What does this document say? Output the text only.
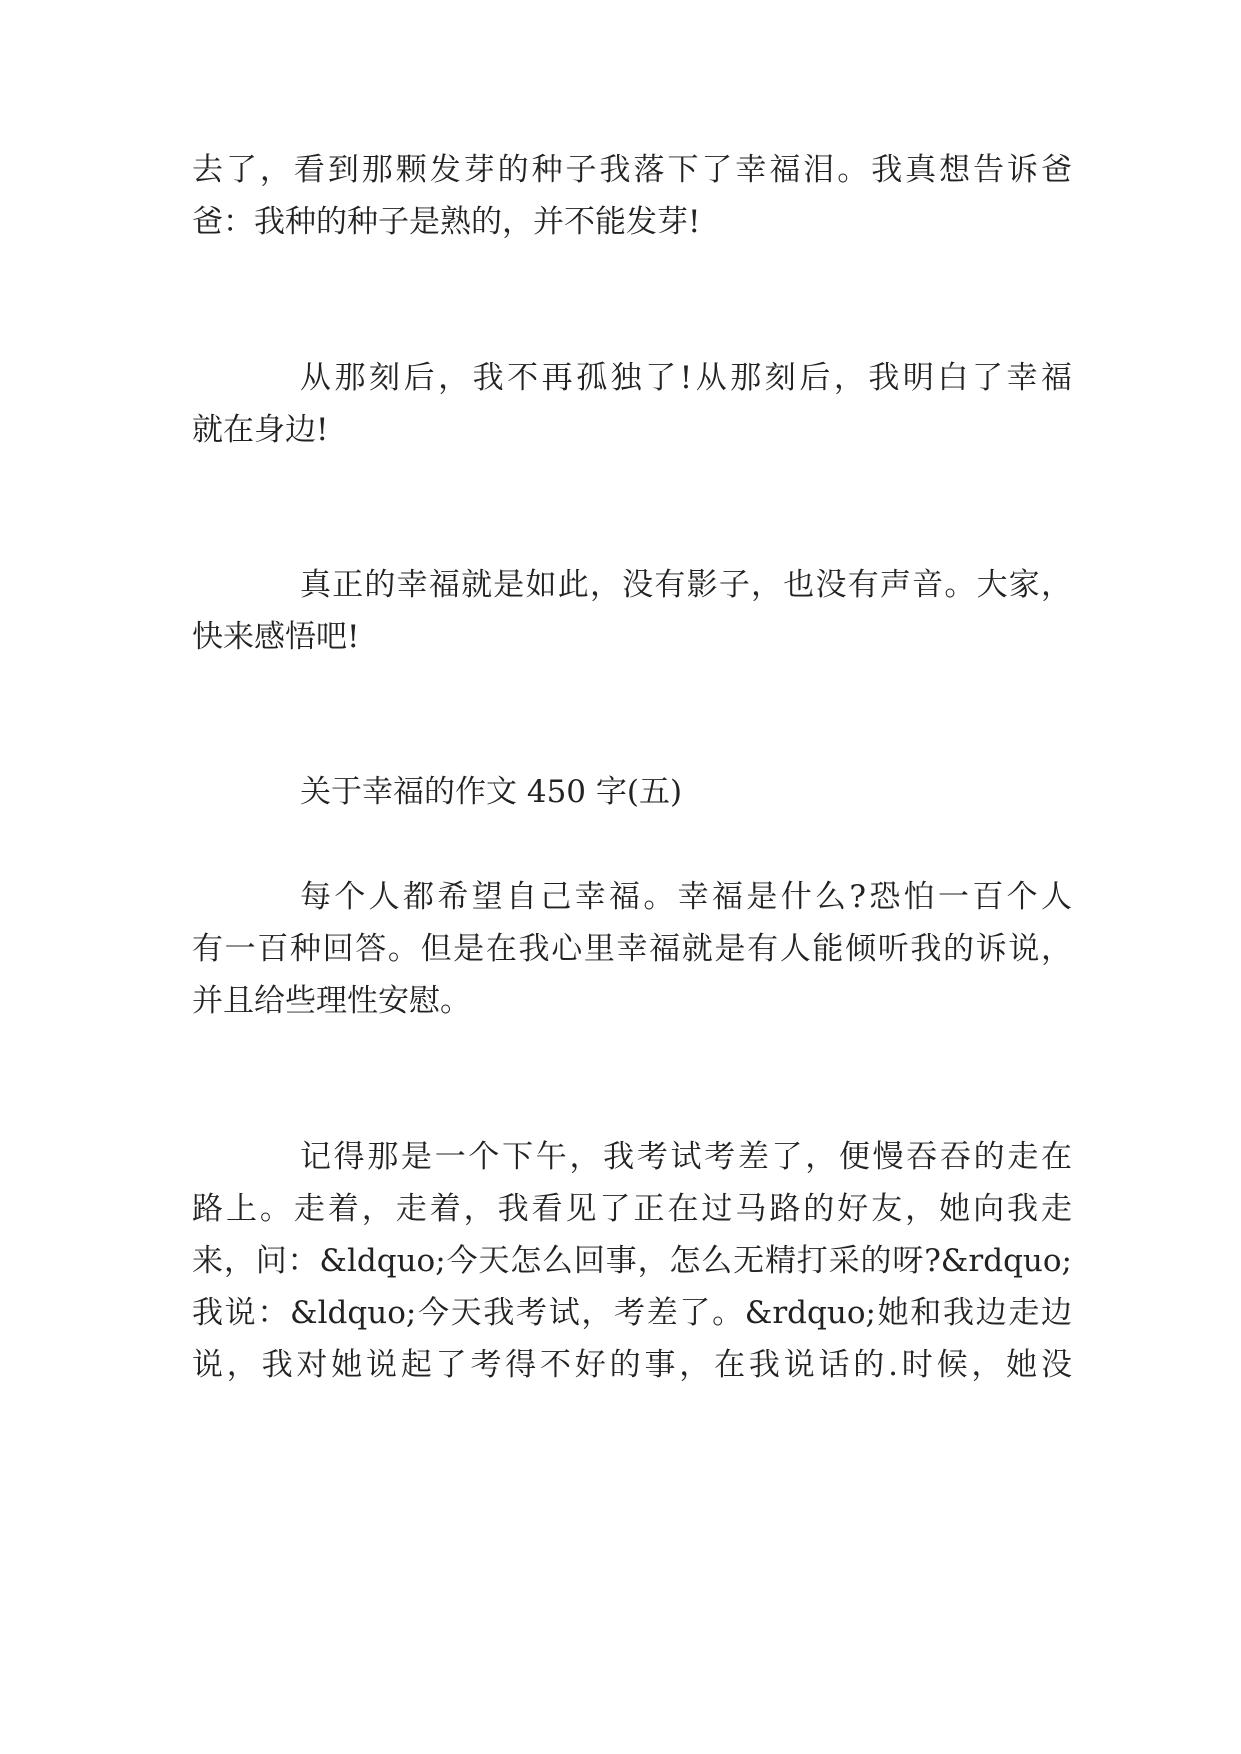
去了，看到那颗发芽的种子我落下了幸福泪。我真想告诉爸
爸：我种的种子是熟的，并不能发芽!
从那刻后，我不再孤独了!从那刻后，我明白了幸福
就在身边!
真正的幸福就是如此，没有影子，也没有声音。大家，
快来感悟吧!
关于幸福的作文 450 字(五)
每个人都希望自己幸福。幸福是什么?恐怕一百个人
有一百种回答。但是在我心里幸福就是有人能倾听我的诉说，
并且给些理性安慰。
记得那是一个下午，我考试考差了，便慢吞吞的走在
路上。走着，走着，我看见了正在过马路的好友，她向我走
来，问：&ldquo;今天怎么回事，怎么无精打采的呀?&rdquo;
我说：&ldquo;今天我考试，考差了。&rdquo;她和我边走边
说，我对她说起了考得不好的事，在我说话的.时候，她没
